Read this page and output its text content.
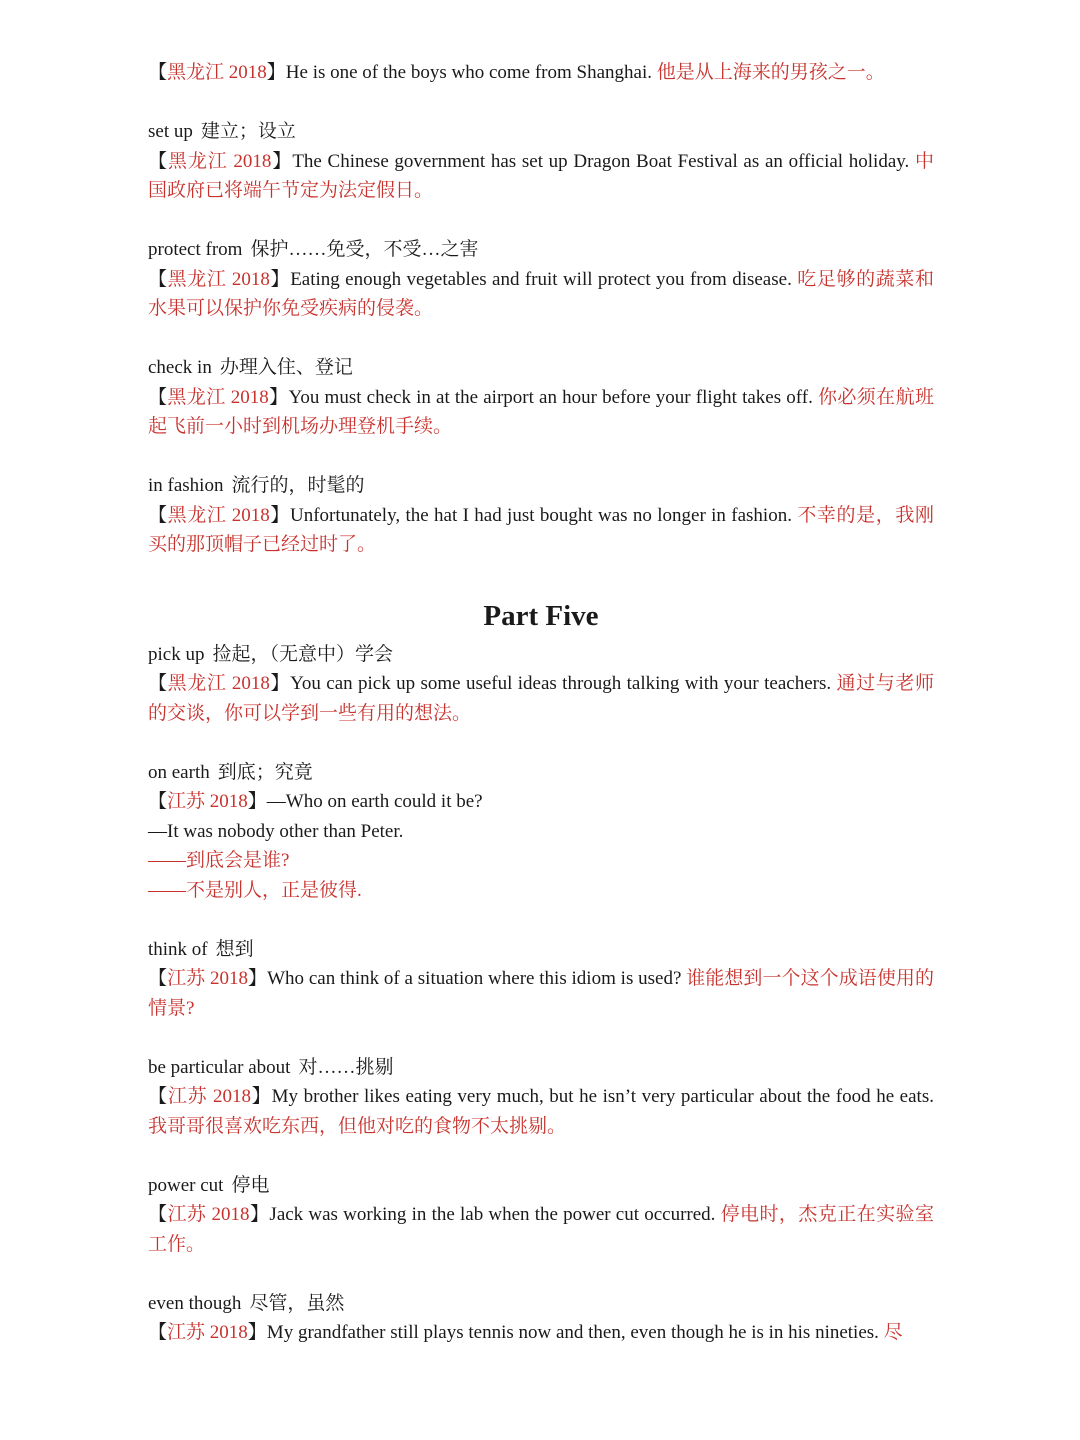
【黑龙江 2018】He is one of the boys who come from Shanghai. 他是从上海来的男孩之一。
set up 建立；设立
【黑龙江 2018】The Chinese government has set up Dragon Boat Festival as an official holiday. 中国政府已将端午节定为法定假日。
protect from 保护……免受，不受…之害
【黑龙江 2018】Eating enough vegetables and fruit will protect you from disease. 吃足够的蔬菜和水果可以保护你免受疾病的侵袭。
check in 办理入住、登记
【黑龙江 2018】You must check in at the airport an hour before your flight takes off. 你必须在航班起飞前一小时到机场办理登机手续。
in fashion 流行的，时髦的
【黑龙江 2018】Unfortunately, the hat I had just bought was no longer in fashion. 不幸的是，我刚买的那顶帽子已经过时了。
Part Five
pick up 捡起，（无意中）学会
【黑龙江 2018】You can pick up some useful ideas through talking with your teachers. 通过与老师的交谈，你可以学到一些有用的想法。
on earth 到底；究竟
【江苏 2018】—Who on earth could it be?
—It was nobody other than Peter.
——到底会是谁?
——不是别人，正是彼得.
think of 想到
【江苏 2018】Who can think of a situation where this idiom is used? 谁能想到一个这个成语使用的情景?
be particular about 对……挑剔
【江苏 2018】My brother likes eating very much, but he isn’t very particular about the food he eats. 我哥哥很喜欢吃东西，但他对吃的食物不太挑剔。
power cut 停电
【江苏 2018】Jack was working in the lab when the power cut occurred. 停电时，杰克正在实验室工作。
even though 尽管，虽然
【江苏 2018】My grandfather still plays tennis now and then, even though he is in his nineties. 尽
